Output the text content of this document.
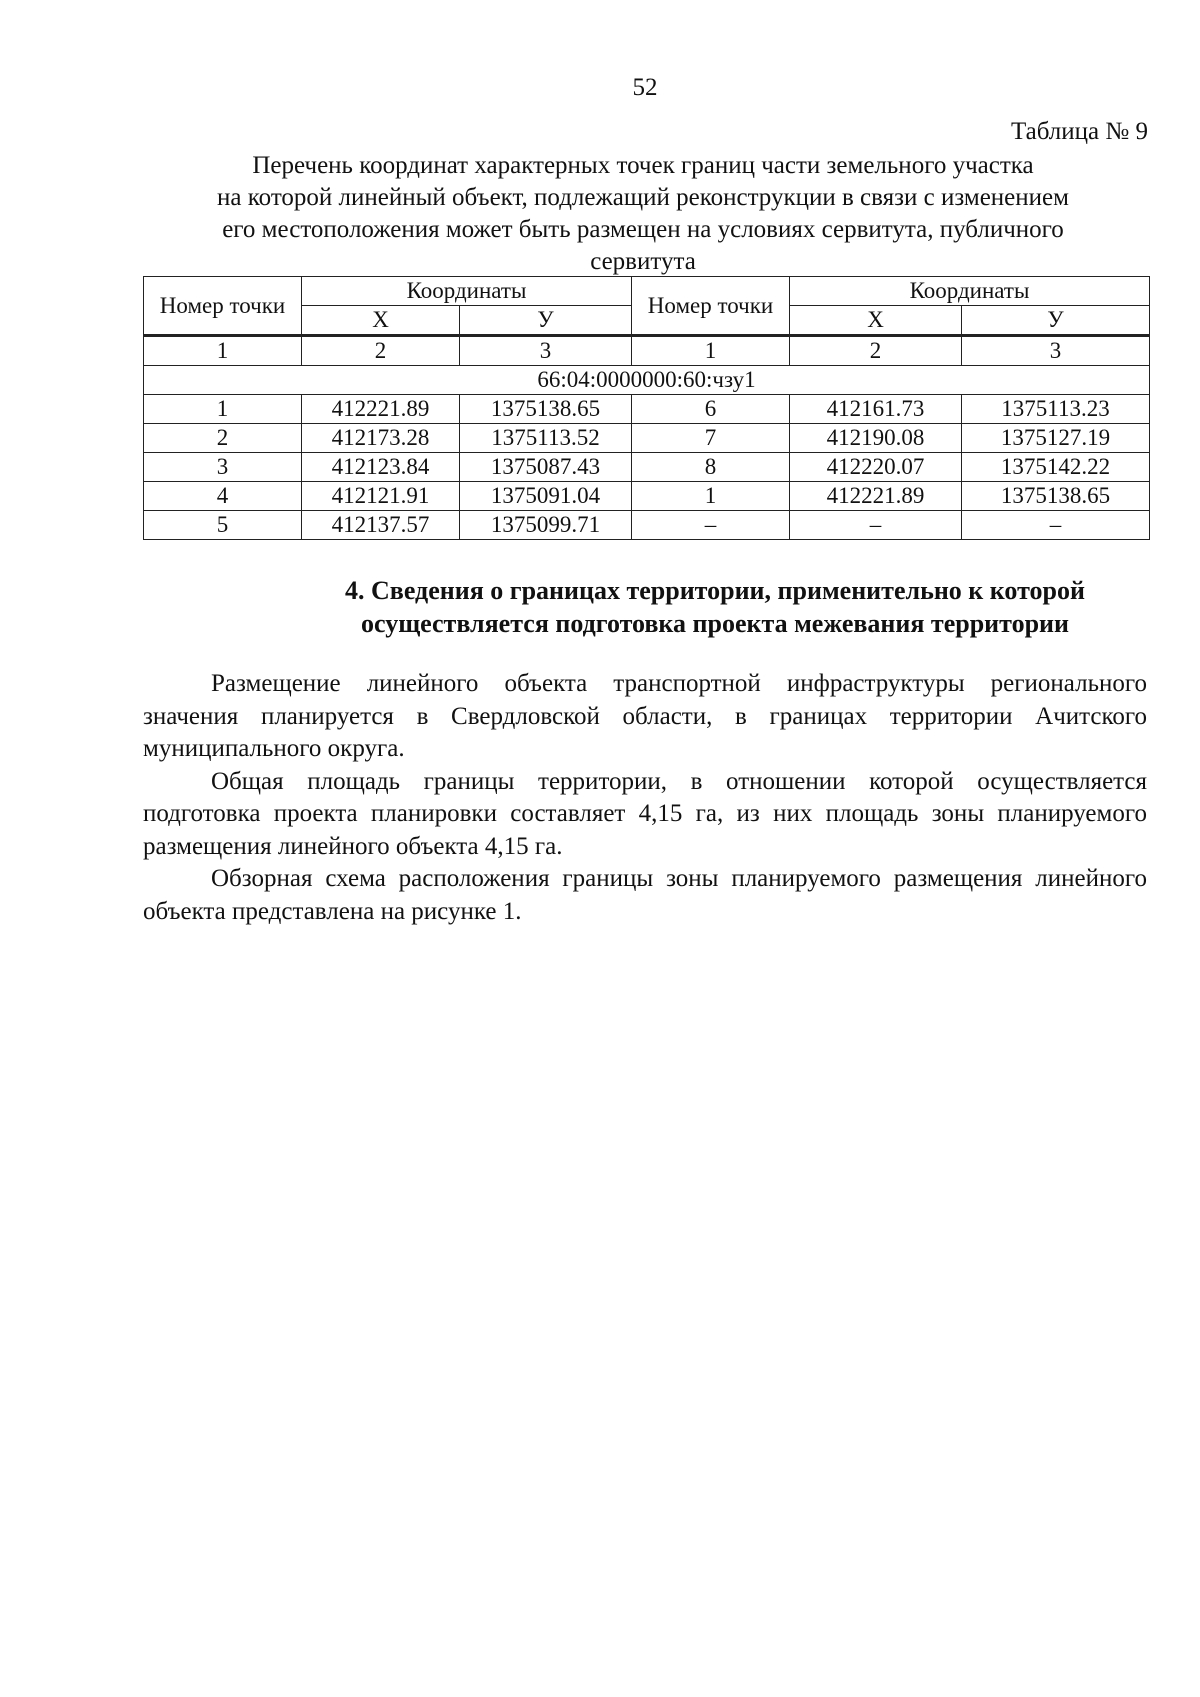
52
Таблица № 9
Перечень координат характерных точек границ части земельного участка
на которой линейный объект, подлежащий реконструкции в связи с изменением
его местоположения может быть размещен на условиях сервитута, публичного
сервитута
Номер точки	Координаты		Номер точки	Координаты	
	Х	У		Х	У
1	2	3	1	2	3
66:04:0000000:60:чзу1					
1	412221.89	1375138.65	6	412161.73	1375113.23
2	412173.28	1375113.52	7	412190.08	1375127.19
3	412123.84	1375087.43	8	412220.07	1375142.22
4	412121.91	1375091.04	1	412221.89	1375138.65
5	412137.57	1375099.71	–	–	–
4. Сведения о границах территории, применительно к которой
осуществляется подготовка проекта межевания территории

Размещение линейного объекта транспортной инфраструктуры регионального значения планируется в Свердловской области, в границах территории Ачитского муниципального округа.

Общая площадь границы территории, в отношении которой осуществляется подготовка проекта планировки составляет 4,15 га, из них площадь зоны планируемого размещения линейного объекта 4,15 га.

Обзорная схема расположения границы зоны планируемого размещения линейного объекта представлена на рисунке 1.
